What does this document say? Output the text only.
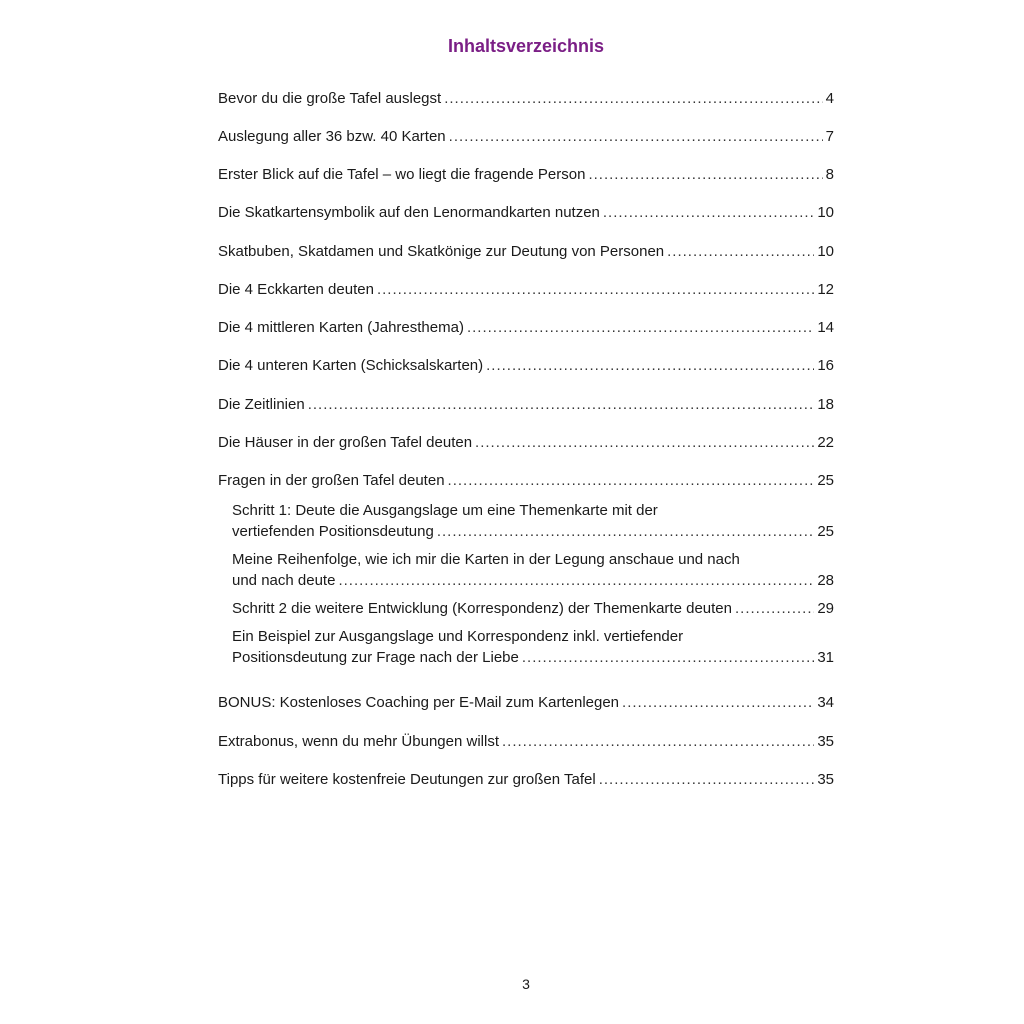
Inhaltsverzeichnis
Bevor du die große Tafel auslegst .....	4
Auslegung aller 36 bzw. 40 Karten .....	7
Erster Blick auf die Tafel – wo liegt die fragende Person .....	8
Die Skatkartensymbolik auf den Lenormandkarten nutzen .....	10
Skatbuben, Skatdamen und Skatkönige zur Deutung von Personen .....	10
Die 4 Eckkarten deuten .....	12
Die 4 mittleren Karten (Jahresthema) .....	14
Die 4 unteren Karten (Schicksalskarten) .....	16
Die Zeitlinien .....	18
Die Häuser in der großen Tafel deuten .....	22
Fragen in der großen Tafel deuten .....	25
Schritt 1: Deute die Ausgangslage um eine Themenkarte mit der
vertiefenden Positionsdeutung .....	25
Meine Reihenfolge, wie ich mir die Karten in der Legung anschaue und nach
und nach deute .....	28
Schritt 2 die weitere Entwicklung (Korrespondenz) der Themenkarte deuten .....	29
Ein Beispiel zur Ausgangslage und Korrespondenz inkl. vertiefender
Positionsdeutung zur Frage nach der Liebe .....	31
BONUS: Kostenloses Coaching per E-Mail zum Kartenlegen .....	34
Extrabonus, wenn du mehr Übungen willst .....	35
Tipps für weitere kostenfreie Deutungen zur großen Tafel .....	35
3
